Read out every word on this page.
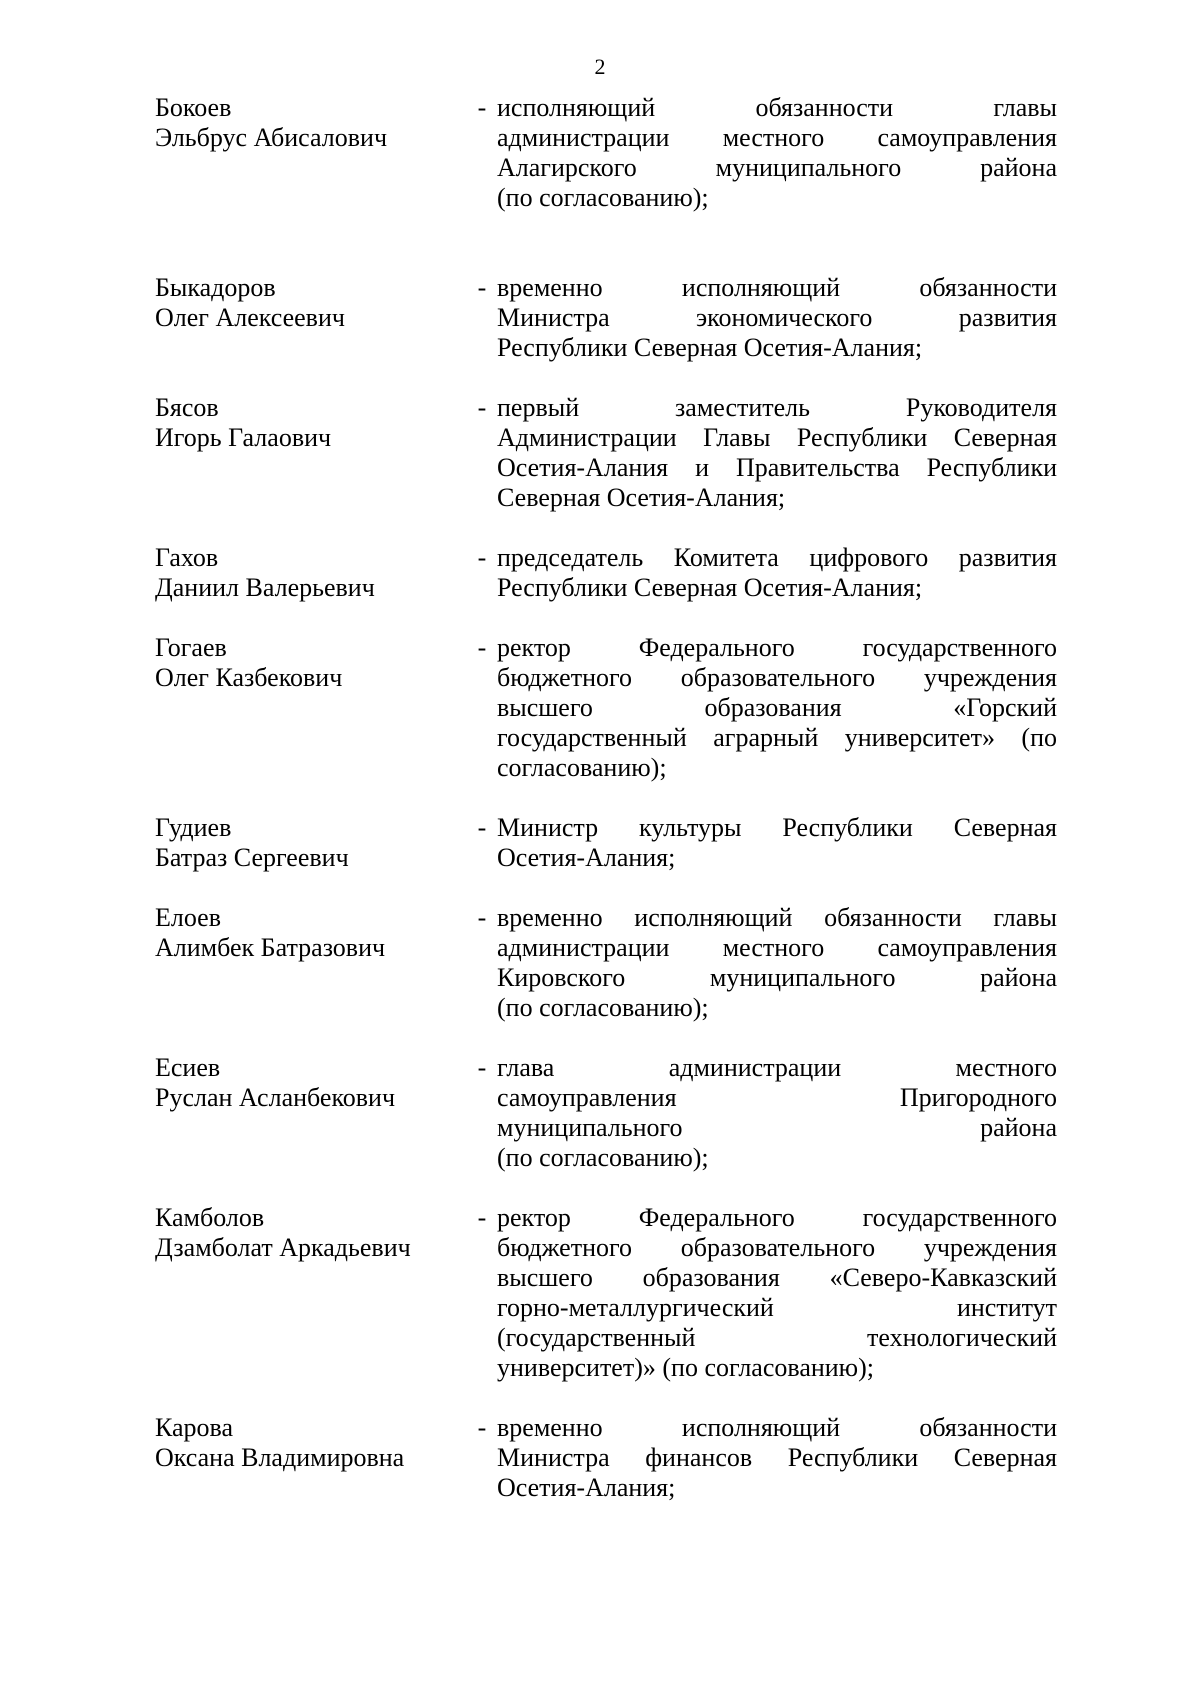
2
Бокоев
Эльбрус Абисалович
- исполняющий обязанности главы
администрации местного самоуправления
Алагирского муниципального района
(по согласованию);
Быкадоров
Олег Алексеевич
- временно исполняющий обязанности
Министра экономического развития
Республики Северная Осетия-Алания;
Бясов
Игорь Галаович
- первый заместитель Руководителя
Администрации Главы Республики Северная
Осетия-Алания и Правительства Республики
Северная Осетия-Алания;
Гахов
Даниил Валерьевич
- председатель Комитета цифрового развития
Республики Северная Осетия-Алания;
Гогаев
Олег Казбекович
- ректор Федерального государственного
бюджетного образовательного учреждения
высшего образования «Горский
государственный аграрный университет» (по
согласованию);
Гудиев
Батраз Сергеевич
- Министр культуры Республики Северная
Осетия-Алания;
Елоев
Алимбек Батразович
- временно исполняющий обязанности главы
администрации местного самоуправления
Кировского муниципального района
(по согласованию);
Есиев
Руслан Асланбекович
- глава администрации местного
самоуправления Пригородного
муниципального района
(по согласованию);
Камболов
Дзамболат Аркадьевич
- ректор Федерального государственного
бюджетного образовательного учреждения
высшего образования «Северо-Кавказский
горно-металлургический институт
(государственный технологический
университет)» (по согласованию);
Карова
Оксана Владимировна
- временно исполняющий обязанности
Министра финансов Республики Северная
Осетия-Алания;
